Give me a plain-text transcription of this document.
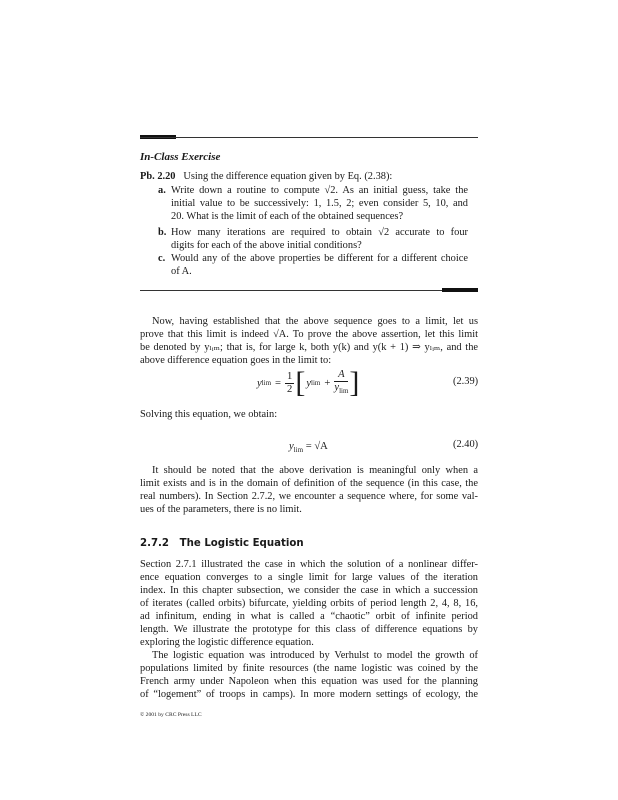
In-Class Exercise
Pb. 2.20 Using the difference equation given by Eq. (2.38):
a. Write down a routine to compute √2. As an initial guess, take the
initial value to be successively: 1, 1.5, 2; even consider 5, 10, and
20. What is the limit of each of the obtained sequences?
b. How many iterations are required to obtain √2 accurate to four
digits for each of the above initial conditions?
c. Would any of the above properties be different for a different choice
of A.
Now, having established that the above sequence goes to a limit, let us
prove that this limit is indeed √A. To prove the above assertion, let this limit
be denoted by yₗᵢₘ; that is, for large k, both y(k) and y(k + 1) ⇒ yₗᵢₘ, and the
above difference equation goes in the limit to:
y $\lim = \frac{1}{2}$ [ y $\lim + \frac{A}{y_{lim}}$ ]	(2.39)
Solving this equation, we obtain:
$y_{lim} = √A$	(2.40)
It should be noted that the above derivation is meaningful only when a
limit exists and is in the domain of definition of the sequence (in this case, the
real numbers). In Section 2.7.2, we encounter a sequence where, for some val-
ues of the parameters, there is no limit.
2.7.2 The Logistic Equation
Section 2.7.1 illustrated the case in which the solution of a nonlinear differ-
ence equation converges to a single limit for large values of the iteration
index. In this chapter subsection, we consider the case in which a succession
of iterates (called orbits) bifurcate, yielding orbits of period length 2, 4, 8, 16,
ad infinitum, ending in what is called a “chaotic” orbit of infinite period
length. We illustrate the prototype for this class of difference equations by
exploring the logistic difference equation.
The logistic equation was introduced by Verhulst to model the growth of
populations limited by finite resources (the name logistic was coined by the
French army under Napoleon when this equation was used for the planning
of “logement” of troops in camps). In more modern settings of ecology, the
© 2001 by CRC Press LLC
